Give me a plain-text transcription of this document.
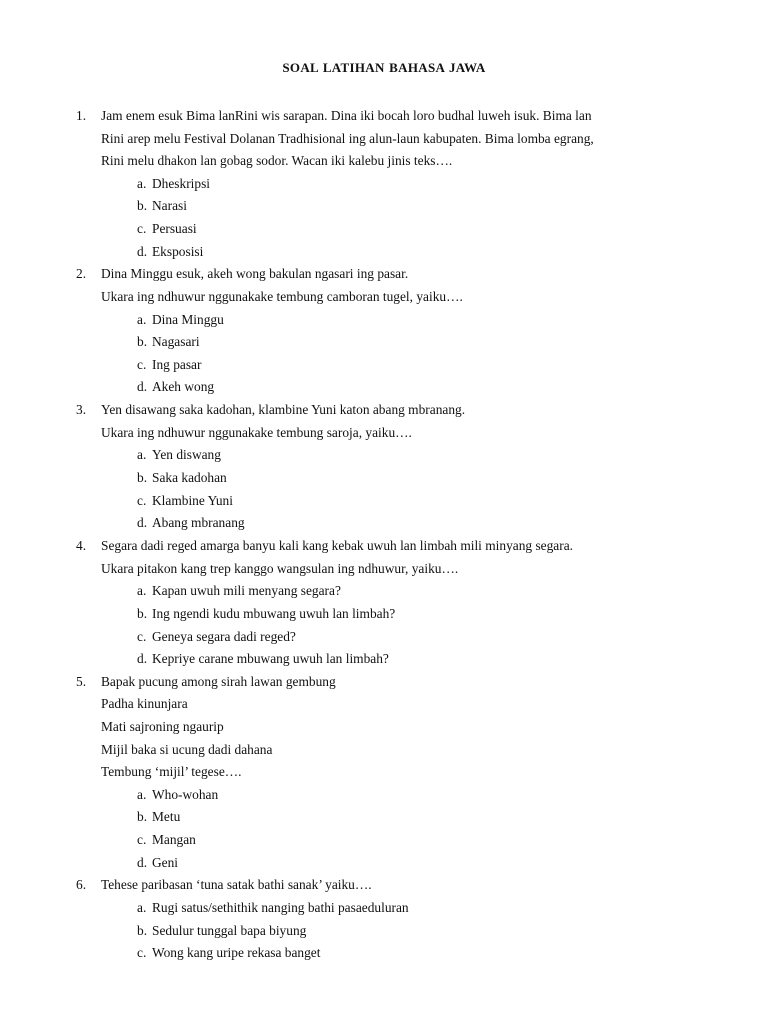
SOAL LATIHAN BAHASA JAWA
1. Jam enem esuk Bima lanRini wis sarapan. Dina iki bocah loro budhal luweh isuk. Bima lan
Rini arep melu Festival Dolanan Tradhisional ing alun-laun kabupaten. Bima lomba egrang,
Rini melu dhakon lan gobag sodor. Wacan iki kalebu jinis teks….
a. Dheskripsi
b. Narasi
c. Persuasi
d. Eksposisi
2. Dina Minggu esuk, akeh wong bakulan ngasari ing pasar.
Ukara ing ndhuwur nggunakake tembung camboran tugel, yaiku….
a. Dina Minggu
b. Nagasari
c. Ing pasar
d. Akeh wong
3. Yen disawang saka kadohan, klambine Yuni katon abang mbranang.
Ukara ing ndhuwur nggunakake tembung saroja, yaiku….
a. Yen diswang
b. Saka kadohan
c. Klambine Yuni
d. Abang mbranang
4. Segara dadi reged amarga banyu kali kang kebak uwuh lan limbah mili minyang segara.
Ukara pitakon kang trep kanggo wangsulan ing ndhuwur, yaiku….
a. Kapan uwuh mili menyang segara?
b. Ing ngendi kudu mbuwang uwuh lan limbah?
c. Geneya segara dadi reged?
d. Kepriye carane mbuwang uwuh lan limbah?
5. Bapak pucung among sirah lawan gembung
Padha kinunjara
Mati sajroning ngaurip
Mijil baka si ucung dadi dahana
Tembung ‘mijil’ tegese….
a. Who-wohan
b. Metu
c. Mangan
d. Geni
6. Tehese paribasan ‘tuna satak bathi sanak’ yaiku….
a. Rugi satus/sethithik nanging bathi pasaeduluran
b. Sedulur tunggal bapa biyung
c. Wong kang uripe rekasa banget
